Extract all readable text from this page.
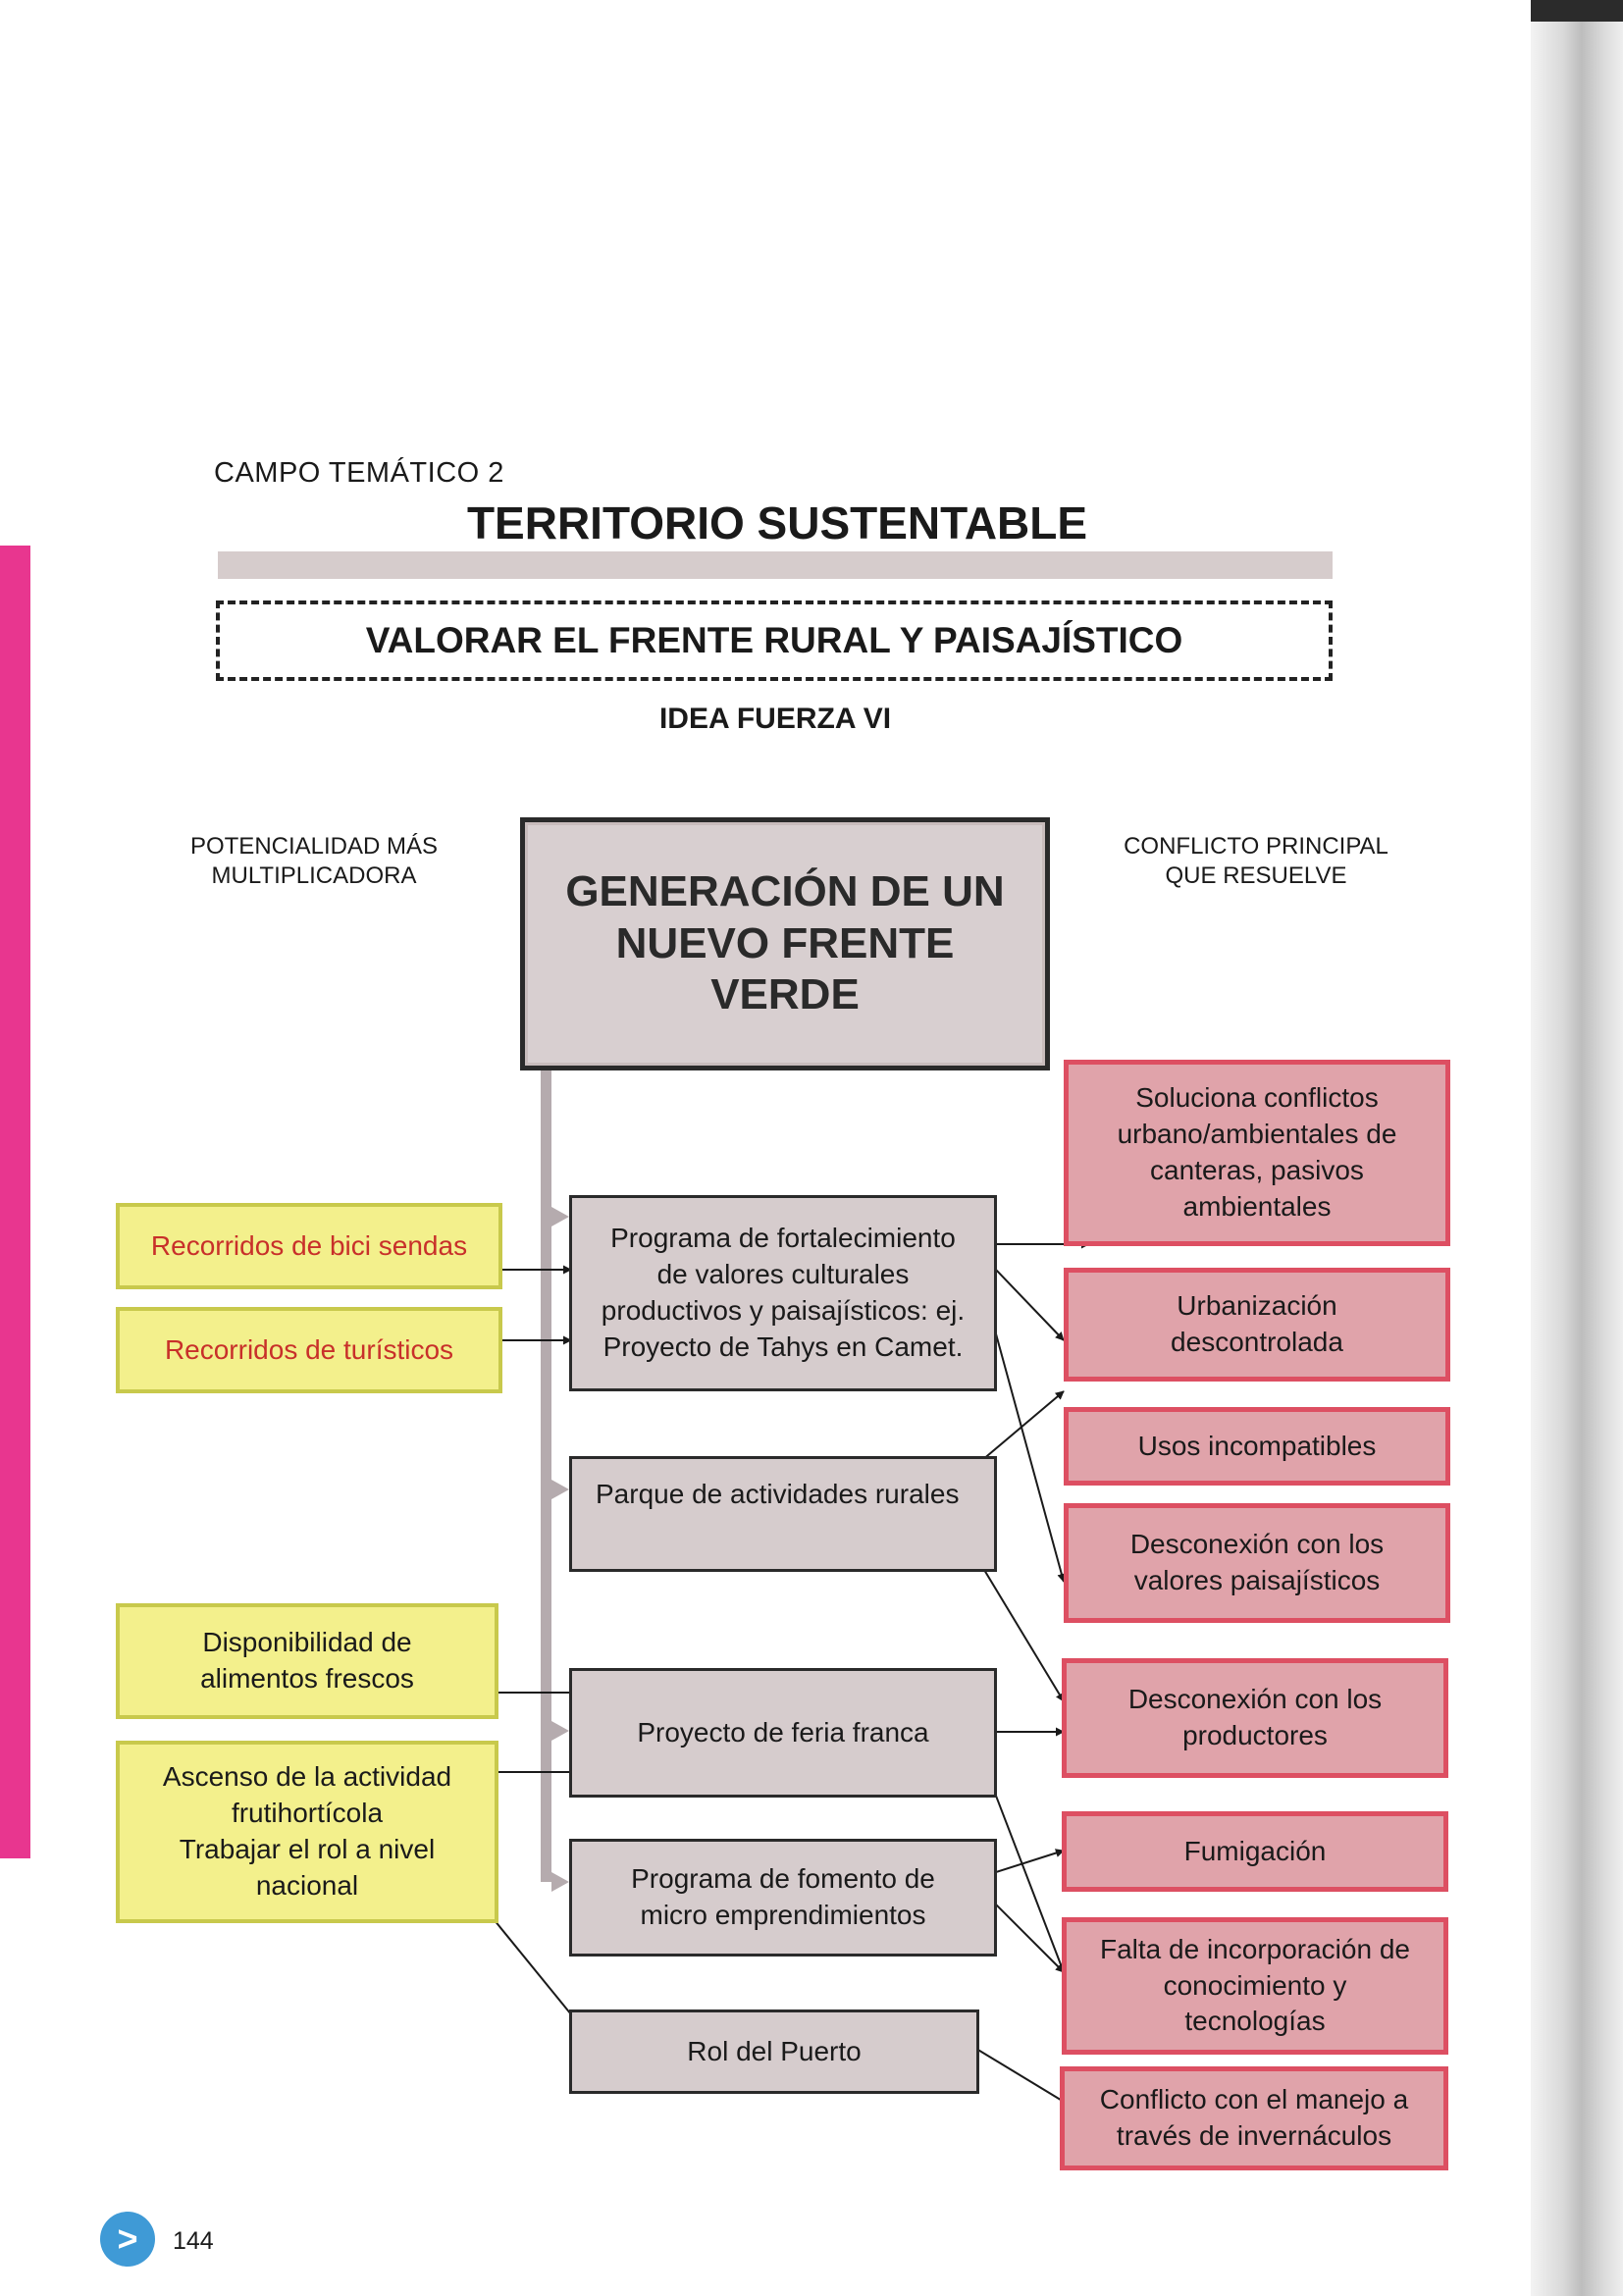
CAMPO TEMÁTICO 2
TERRITORIO SUSTENTABLE
VALORAR EL FRENTE RURAL Y PAISAJÍSTICO
IDEA FUERZA VI
POTENCIALIDAD MÁS
MULTIPLICADORA
CONFLICTO PRINCIPAL
QUE RESUELVE
GENERACIÓN DE UN
NUEVO FRENTE
VERDE
Recorridos de bici sendas
Recorridos de turísticos
Disponibilidad de
alimentos frescos
Ascenso de la actividad
frutihortícola
Trabajar el rol a nivel
nacional
Programa de fortalecimiento
de valores culturales
productivos y paisajísticos: ej.
Proyecto de Tahys en Camet.
Parque de actividades rurales
Proyecto de feria franca
Programa de fomento de
micro emprendimientos
Rol del Puerto
Soluciona conflictos
urbano/ambientales de
canteras, pasivos
ambientales
Urbanización
descontrolada
Usos incompatibles
Desconexión con los
valores paisajísticos
Desconexión con los
productores
Fumigación
Falta de incorporación de
conocimiento y
tecnologías
Conflicto con el manejo a
través de invernáculos
>	144
